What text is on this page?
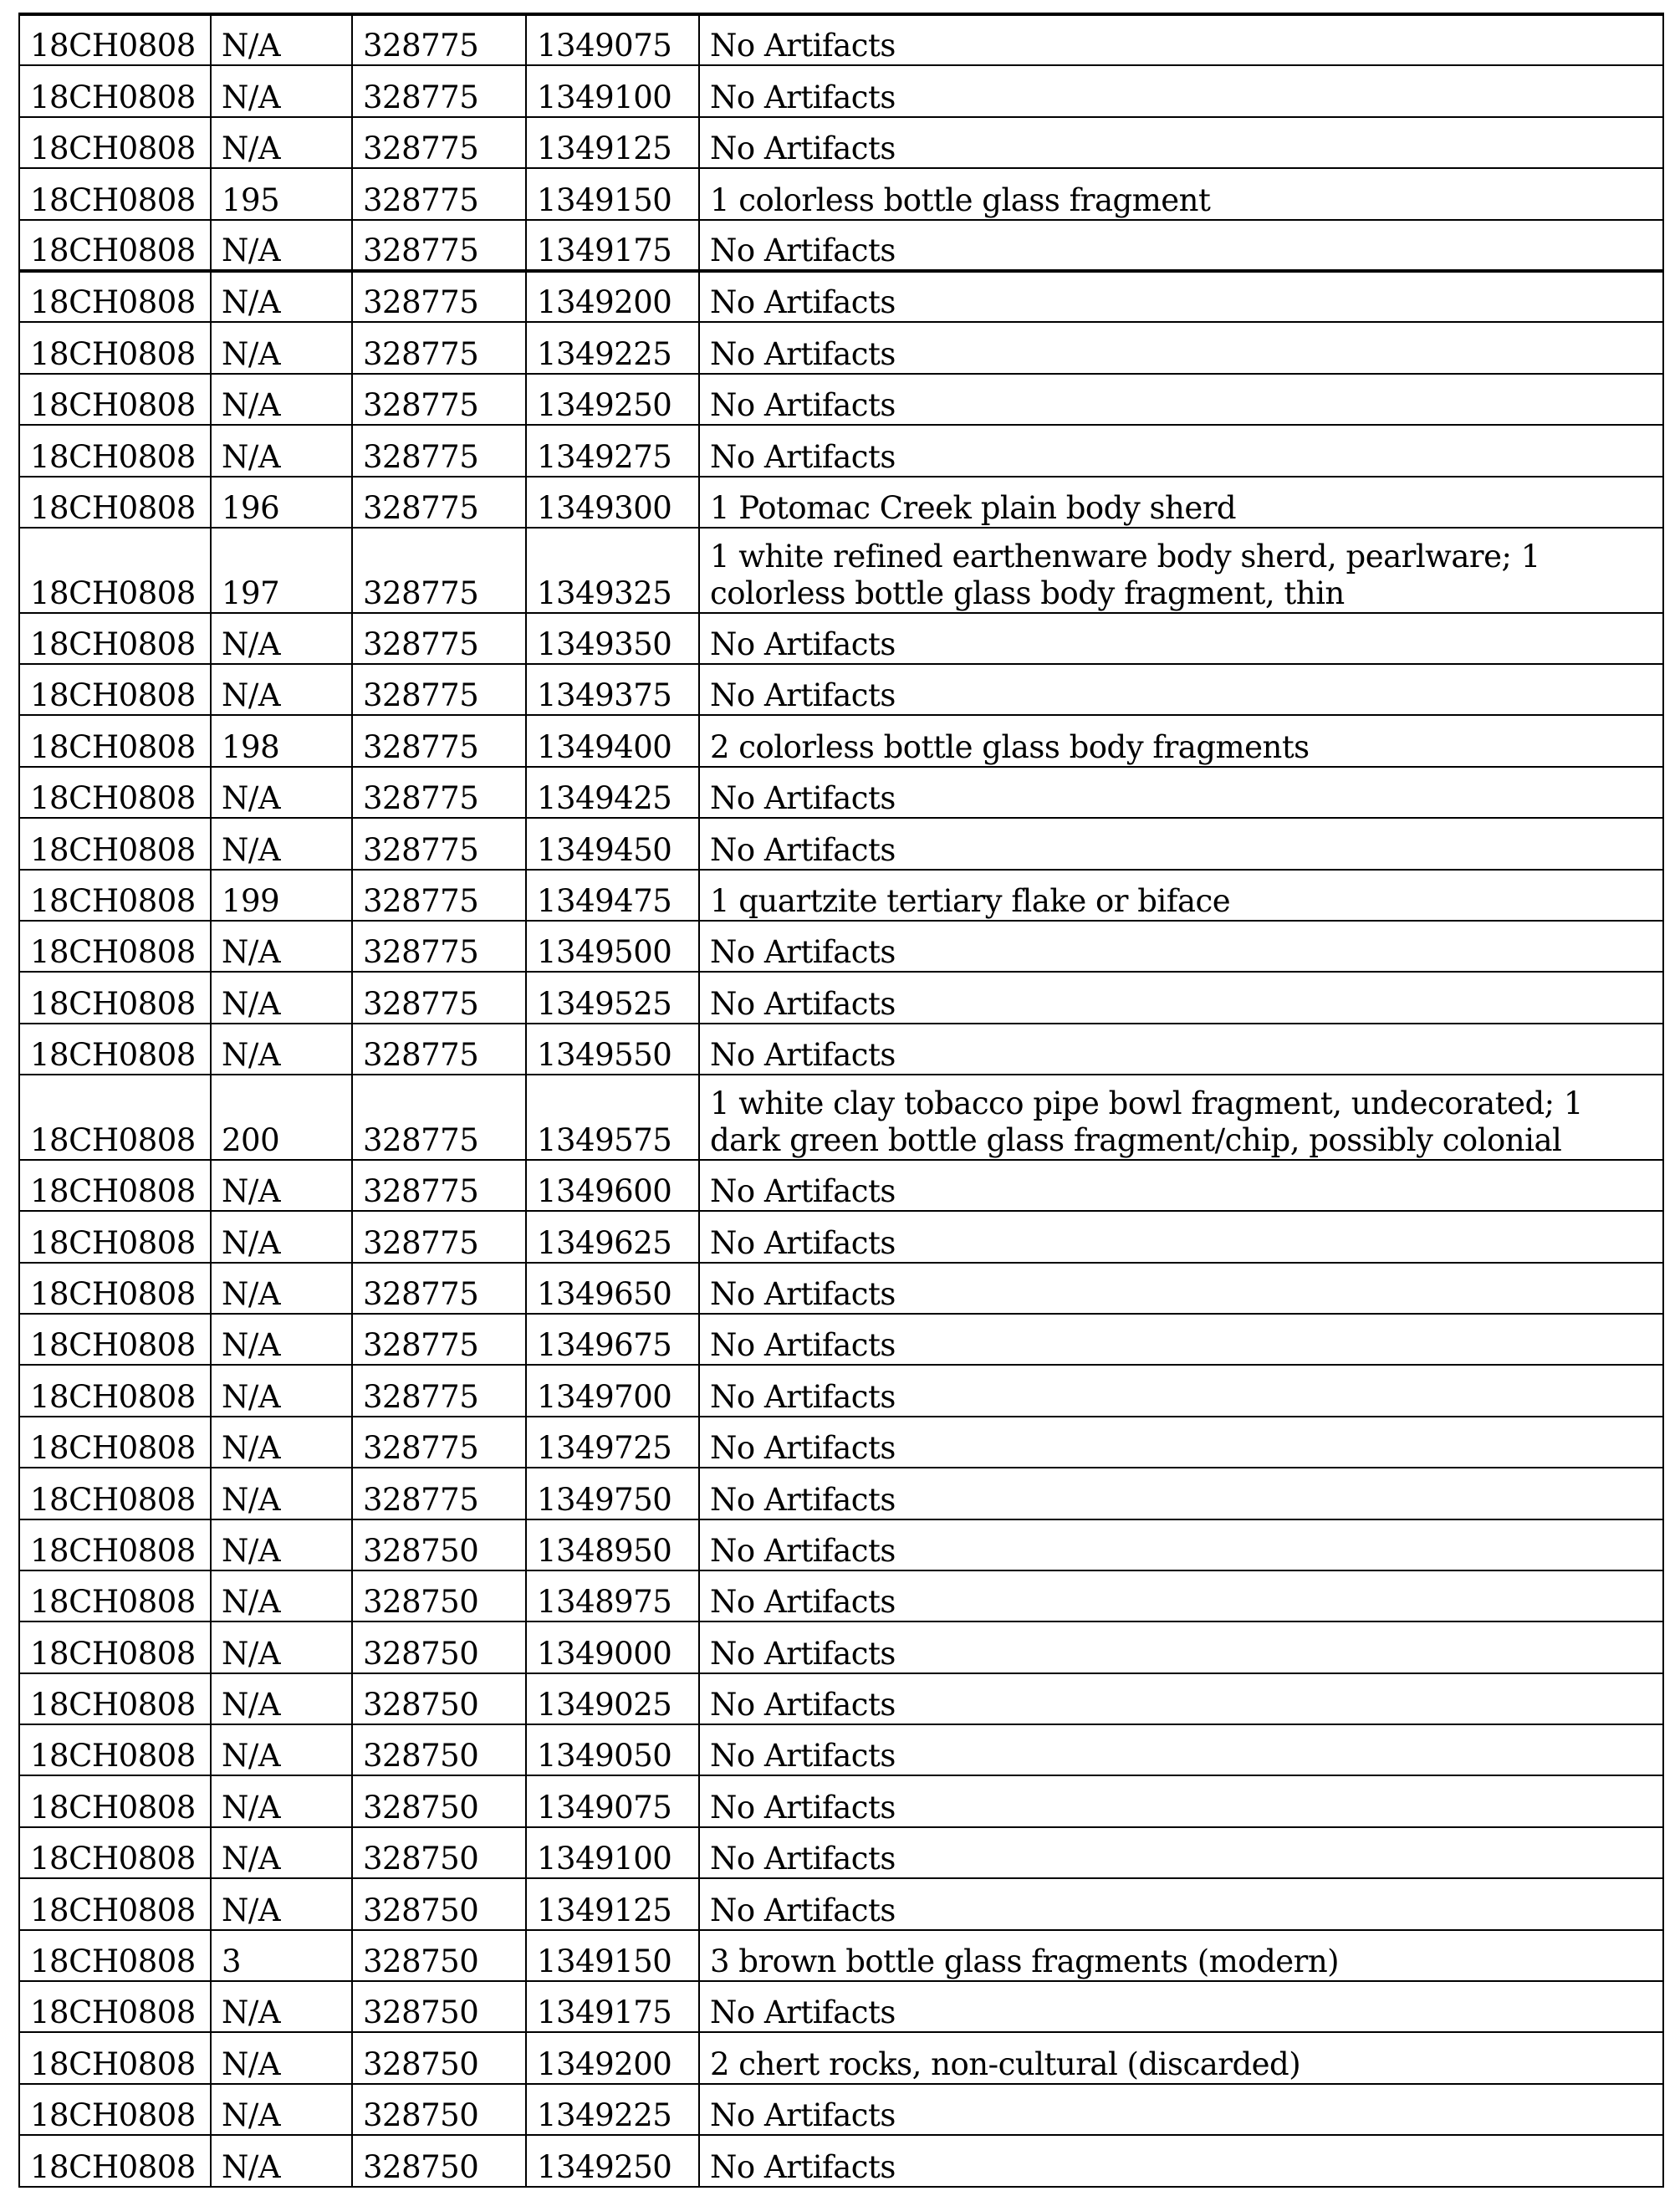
18CH0808	N/A	328775	1349075	No Artifacts
18CH0808	N/A	328775	1349100	No Artifacts
18CH0808	N/A	328775	1349125	No Artifacts
18CH0808	195	328775	1349150	1 colorless bottle glass fragment
18CH0808	N/A	328775	1349175	No Artifacts
18CH0808	N/A	328775	1349200	No Artifacts
18CH0808	N/A	328775	1349225	No Artifacts
18CH0808	N/A	328775	1349250	No Artifacts
18CH0808	N/A	328775	1349275	No Artifacts
18CH0808	196	328775	1349300	1 Potomac Creek plain body sherd
18CH0808	197	328775	1349325	1 white refined earthenware body sherd, pearlware; 1 colorless bottle glass body fragment, thin
18CH0808	N/A	328775	1349350	No Artifacts
18CH0808	N/A	328775	1349375	No Artifacts
18CH0808	198	328775	1349400	2 colorless bottle glass body fragments
18CH0808	N/A	328775	1349425	No Artifacts
18CH0808	N/A	328775	1349450	No Artifacts
18CH0808	199	328775	1349475	1 quartzite tertiary flake or biface
18CH0808	N/A	328775	1349500	No Artifacts
18CH0808	N/A	328775	1349525	No Artifacts
18CH0808	N/A	328775	1349550	No Artifacts
18CH0808	200	328775	1349575	1 white clay tobacco pipe bowl fragment, undecorated; 1 dark green bottle glass fragment/chip, possibly colonial
18CH0808	N/A	328775	1349600	No Artifacts
18CH0808	N/A	328775	1349625	No Artifacts
18CH0808	N/A	328775	1349650	No Artifacts
18CH0808	N/A	328775	1349675	No Artifacts
18CH0808	N/A	328775	1349700	No Artifacts
18CH0808	N/A	328775	1349725	No Artifacts
18CH0808	N/A	328775	1349750	No Artifacts
18CH0808	N/A	328750	1348950	No Artifacts
18CH0808	N/A	328750	1348975	No Artifacts
18CH0808	N/A	328750	1349000	No Artifacts
18CH0808	N/A	328750	1349025	No Artifacts
18CH0808	N/A	328750	1349050	No Artifacts
18CH0808	N/A	328750	1349075	No Artifacts
18CH0808	N/A	328750	1349100	No Artifacts
18CH0808	N/A	328750	1349125	No Artifacts
18CH0808	3	328750	1349150	3 brown bottle glass fragments (modern)
18CH0808	N/A	328750	1349175	No Artifacts
18CH0808	N/A	328750	1349200	2 chert rocks, non-cultural (discarded)
18CH0808	N/A	328750	1349225	No Artifacts
18CH0808	N/A	328750	1349250	No Artifacts
